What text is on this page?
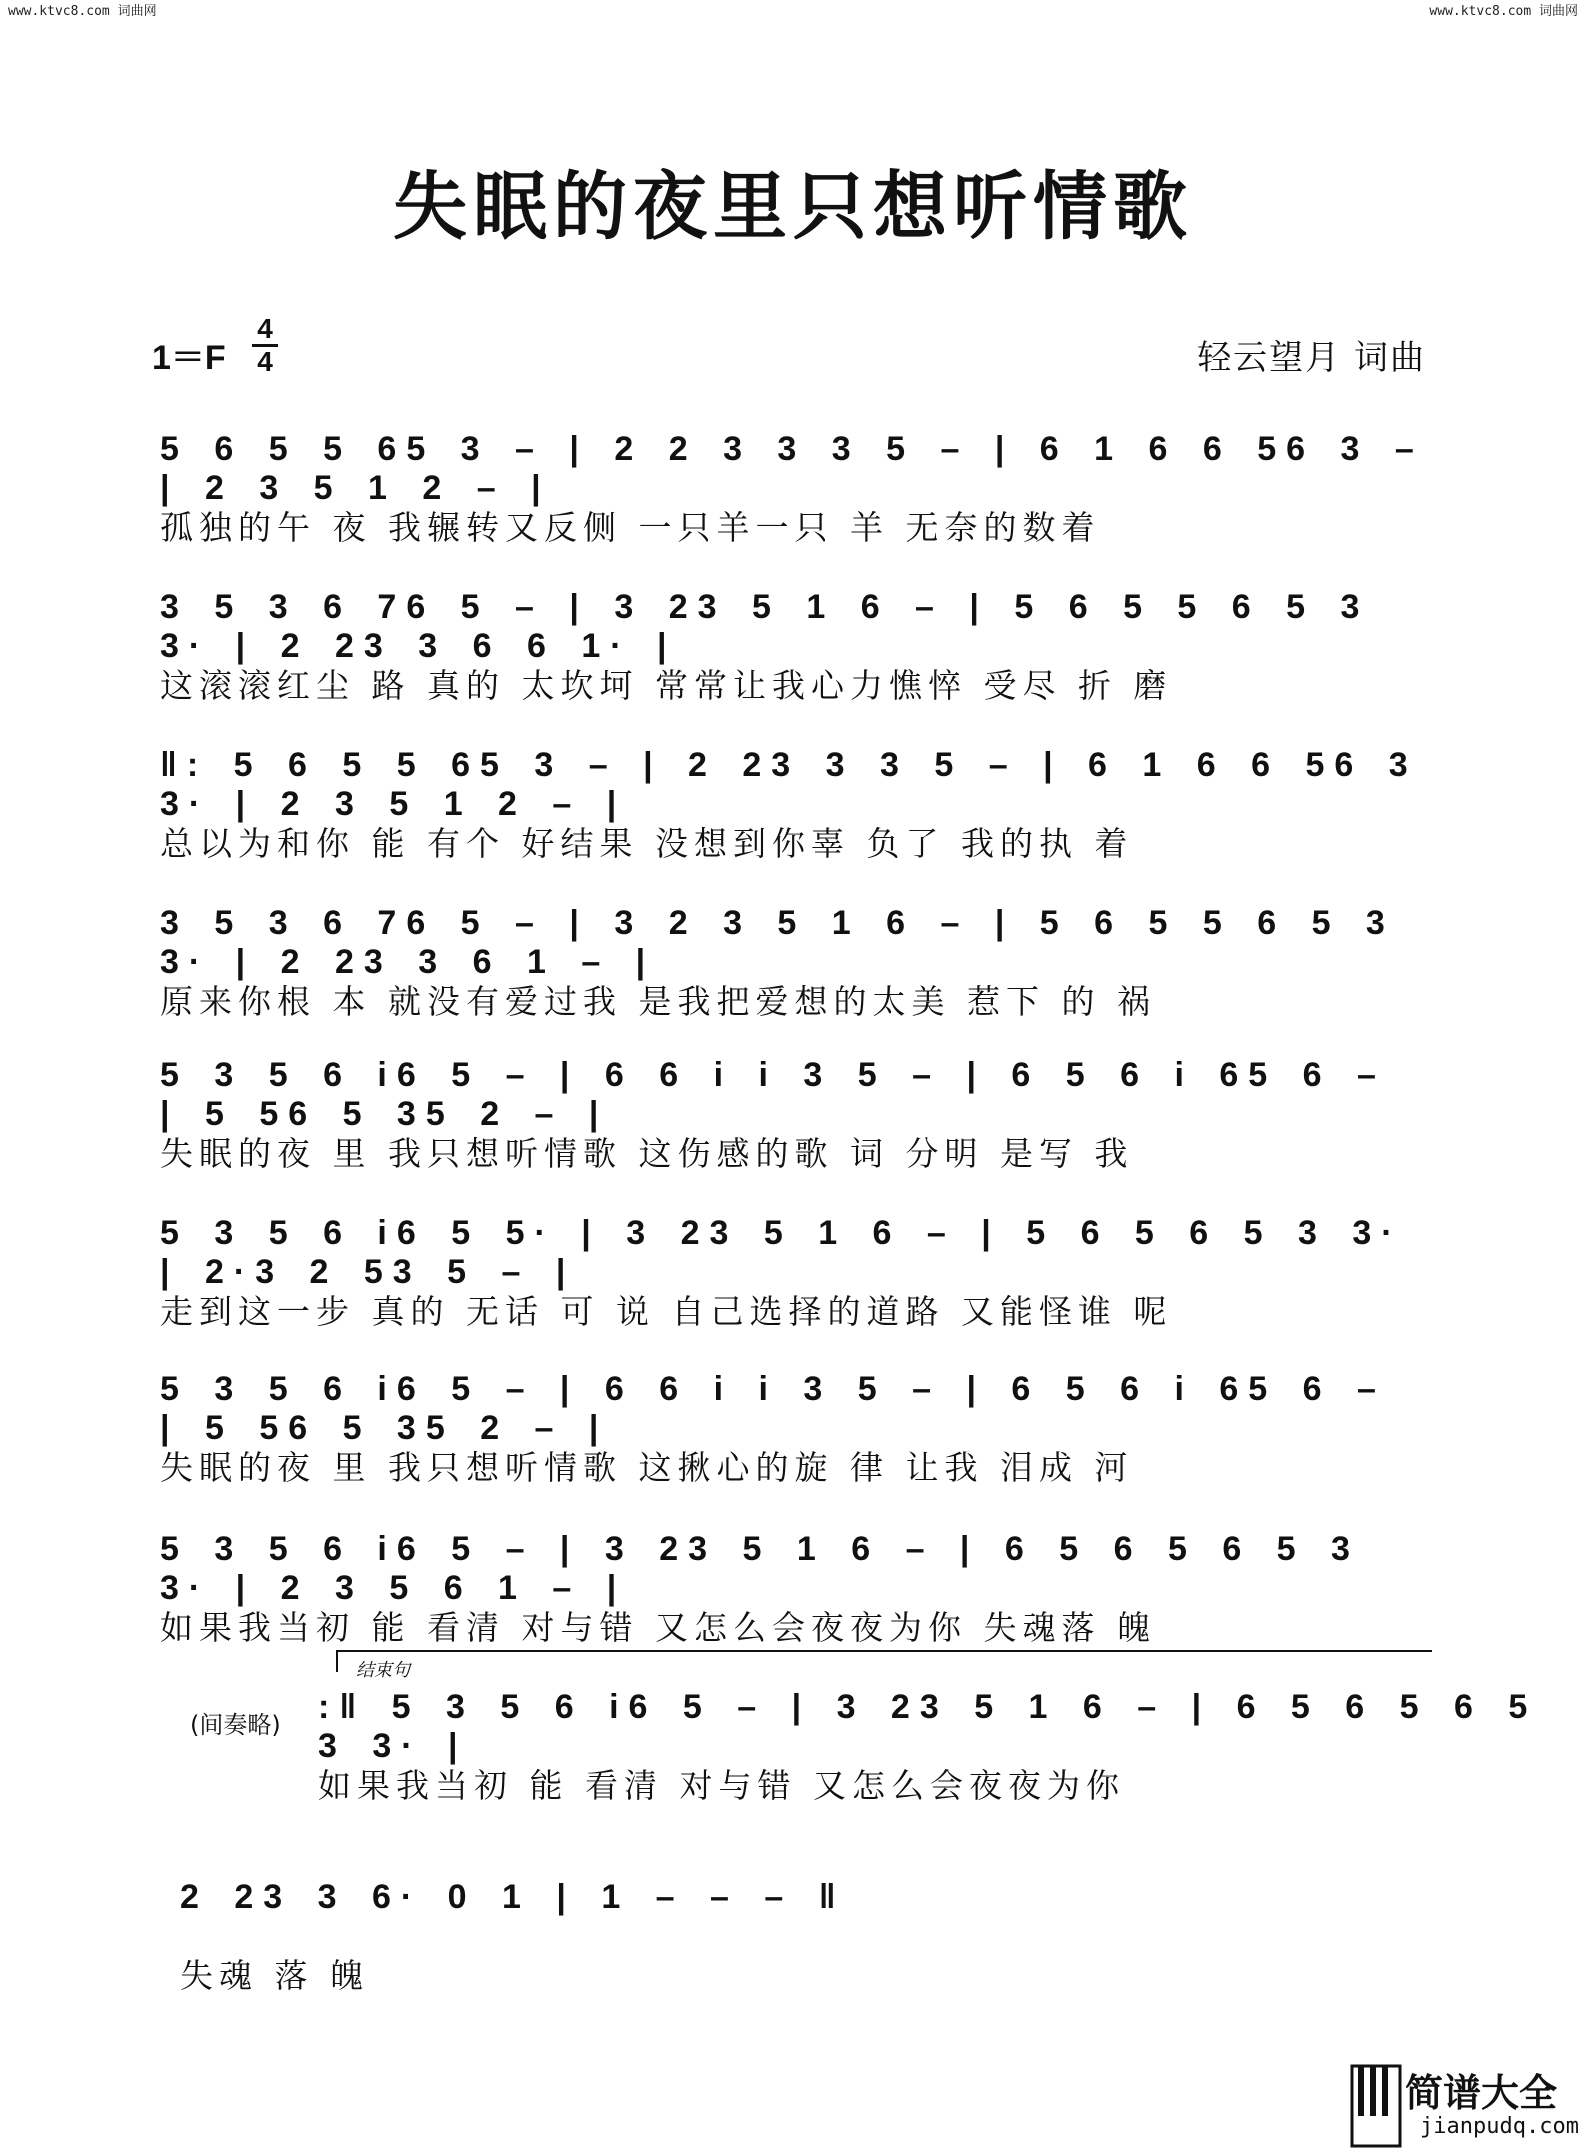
www.ktvc8.com 词曲网	www.ktvc8.com 词曲网
失眠的夜里只想听情歌
1＝F
4
4	轻云望月 词曲
5 6 5 5 65 3 – | 2 2 3 3 3 5 – | 6 1 6 6 56 3 – | 2 3 5 1 2 – |
孤独的午 夜 我辗转又反侧 一只羊一只 羊 无奈的数着
3 5 3 6 76 5 – | 3 23 5 1 6 – | 5 6 5 5 6 5 3 3· | 2 23 3 6 6 1· |
这滚滚红尘 路 真的 太坎坷 常常让我心力憔悴 受尽 折 磨
‖: 5 6 5 5 65 3 – | 2 23 3 3 5 – | 6 1 6 6 56 3 3· | 2 3 5 1 2 – |
总以为和你 能 有个 好结果 没想到你辜 负了 我的执 着
3 5 3 6 76 5 – | 3 2 3 5 1 6 – | 5 6 5 5 6 5 3 3· | 2 23 3 6 1 – |
原来你根 本 就没有爱过我 是我把爱想的太美 惹下 的 祸
5 3 5 6 i6 5 – | 6 6 i i 3 5 – | 6 5 6 i 65 6 – | 5 56 5 35 2 – |
失眠的夜 里 我只想听情歌 这伤感的歌 词 分明 是写 我
5 3 5 6 i6 5 5· | 3 23 5 1 6 – | 5 6 5 6 5 3 3· | 2·3 2 53 5 – |
走到这一步 真的 无话 可 说 自己选择的道路 又能怪谁 呢
5 3 5 6 i6 5 – | 6 6 i i 3 5 – | 6 5 6 i 65 6 – | 5 56 5 35 2 – |
失眠的夜 里 我只想听情歌 这揪心的旋 律 让我 泪成 河
5 3 5 6 i6 5 – | 3 23 5 1 6 – | 6 5 6 5 6 5 3 3· | 2 3 5 6 1 – |
如果我当初 能 看清 对与错 又怎么会夜夜为你 失魂落 魄
结束句
(间奏略) :‖ 5 3 5 6 i6 5 – | 3 23 5 1 6 – | 6 5 6 5 6 5 3 3· |
如果我当初 能 看清 对与错 又怎么会夜夜为你
2 23 3 6· 0 1 | 1 – – – ‖
失魂 落 魄
简谱大全
jianpudq.com
